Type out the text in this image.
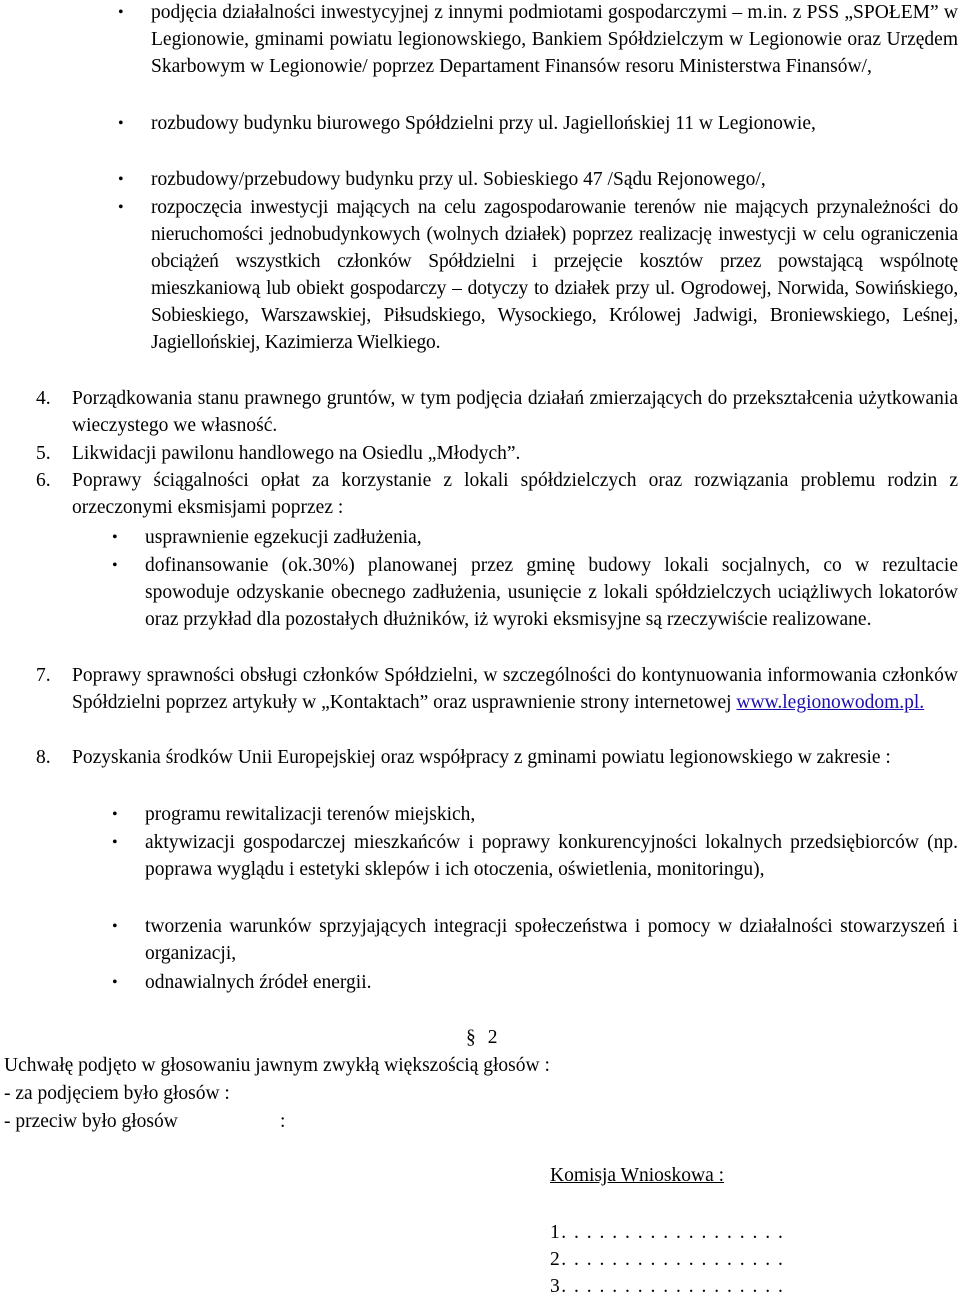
•	podjęcia działalności inwestycyjnej z innymi podmiotami gospodarczymi – m.in. z PSS „SPOŁEM” w Legionowie, gminami powiatu legionowskiego, Bankiem Spółdzielczym w Legionowie oraz Urzędem Skarbowym w Legionowie/ poprzez Departament Finansów resoru Ministerstwa Finansów/,
•	rozbudowy budynku biurowego Spółdzielni przy ul. Jagiellońskiej 11 w Legionowie,
•	rozbudowy/przebudowy budynku przy ul. Sobieskiego 47 /Sądu Rejonowego/,
•	rozpoczęcia inwestycji mających na celu zagospodarowanie terenów nie mających przynależności do nieruchomości jednobudynkowych (wolnych działek) poprzez realizację inwestycji w celu ograniczenia obciążeń wszystkich członków Spółdzielni i przejęcie kosztów przez powstającą wspólnotę mieszkaniową lub obiekt gospodarczy – dotyczy to działek przy ul. Ogrodowej, Norwida, Sowińskiego, Sobieskiego, Warszawskiej, Piłsudskiego, Wysockiego, Królowej Jadwigi, Broniewskiego, Leśnej, Jagiellońskiej, Kazimierza Wielkiego.
4. Porządkowania stanu prawnego gruntów, w tym podjęcia działań zmierzających do przekształcenia użytkowania wieczystego we własność.
5. Likwidacji pawilonu handlowego na Osiedlu „Młodych”.
6. Poprawy ściągalności opłat za korzystanie z lokali spółdzielczych oraz rozwiązania problemu rodzin z orzeczonymi eksmisjami poprzez :
•	usprawnienie egzekucji zadłużenia,
•	dofinansowanie (ok.30%) planowanej przez gminę budowy lokali socjalnych, co w rezultacie spowoduje odzyskanie obecnego zadłużenia, usunięcie z lokali spółdzielczych uciążliwych lokatorów oraz przykład dla pozostałych dłużników, iż wyroki eksmisyjne są rzeczywiście realizowane.
7. Poprawy sprawności obsługi członków Spółdzielni, w szczególności do kontynuowania informowania członków Spółdzielni poprzez artykuły w „Kontaktach” oraz usprawnienie strony internetowej www.legionowodom.pl.
8. Pozyskania środków Unii Europejskiej oraz współpracy z gminami powiatu legionowskiego w zakresie :
•	programu rewitalizacji terenów miejskich,
•	aktywizacji gospodarczej mieszkańców i poprawy konkurencyjności lokalnych przedsiębiorców (np. poprawa wyglądu i estetyki sklepów i ich otoczenia, oświetlenia, monitoringu),
•	tworzenia warunków sprzyjających integracji społeczeństwa i pomocy w działalności stowarzyszeń i organizacji,
•	odnawialnych źródeł energii.
§ 2
Uchwałę podjęto w głosowaniu jawnym zwykłą większością głosów :
- za podjęciem było głosów :
- przeciw było głosów	:
Komisja Wnioskowa :
1. . . . . . . . . . . . . . . . . .
2. . . . . . . . . . . . . . . . . .
3. . . . . . . . . . . . . . . . . .
